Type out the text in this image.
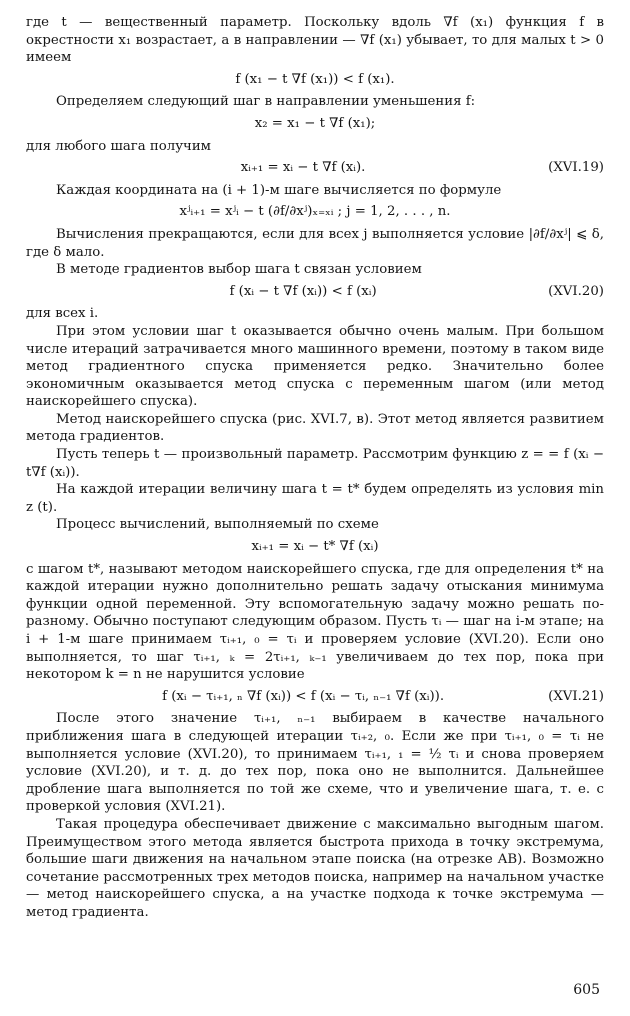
где t — вещественный параметр. Поскольку вдоль ∇f (x₁) функция f в окрестности x₁ возрастает, а в направлении — ∇f (x₁) убывает, то для малых t > 0 имеем

f (x₁ − t ∇f (x₁)) < f (x₁).

Определяем следующий шаг в направлении уменьшения f:

x₂ = x₁ − t ∇f (x₁);

для любого шага получим

xᵢ₊₁ = xᵢ − t ∇f (xᵢ).	(XVI.19)

Каждая координата на (i + 1)-м шаге вычисляется по формуле

xʲᵢ₊₁ = xʲᵢ − t (∂f/∂xʲ)ₓ₌ₓᵢ ; j = 1, 2, . . . , n.

Вычисления прекращаются, если для всех j выполняется условие |∂f/∂xʲ| ⩽ δ, где δ мало.

В методе градиентов выбор шага t связан условием

f (xᵢ − t ∇f (xᵢ)) < f (xᵢ)	(XVI.20)

для всех i.

При этом условии шаг t оказывается обычно очень малым. При большом числе итераций затрачивается много машинного времени, поэтому в таком виде метод градиентного спуска применяется редко. Значительно более экономичным оказывается метод спуска с переменным шагом (или метод наискорейшего спуска).

Метод наискорейшего спуска (рис. XVI.7, в). Этот метод является развитием метода градиентов.

Пусть теперь t — произвольный параметр. Рассмотрим функцию z = = f (xᵢ − t∇f (xᵢ)).

На каждой итерации величину шага t = t* будем определять из условия min z (t).

Процесс вычислений, выполняемый по схеме

xᵢ₊₁ = xᵢ − t* ∇f (xᵢ)

с шагом t*, называют методом наискорейшего спуска, где для определения t* на каждой итерации нужно дополнительно решать задачу отыскания минимума функции одной переменной. Эту вспомогательную задачу можно решать по-разному. Обычно поступают следующим образом. Пусть τᵢ — шаг на i-м этапе; на i + 1-м шаге принимаем τᵢ₊₁, ₀ = τᵢ и проверяем условие (XVI.20). Если оно выполняется, то шаг τᵢ₊₁, ₖ = 2τᵢ₊₁, ₖ₋₁ увеличиваем до тех пор, пока при некотором k = n не нарушится условие

f (xᵢ − τᵢ₊₁, ₙ ∇f (xᵢ)) < f (xᵢ − τᵢ, ₙ₋₁ ∇f (xᵢ)).	(XVI.21)

После этого значение τᵢ₊₁, ₙ₋₁ выбираем в качестве начального приближения шага в следующей итерации τᵢ₊₂, ₀. Если же при τᵢ₊₁, ₀ = τᵢ не выполняется условие (XVI.20), то принимаем τᵢ₊₁, ₁ = ½ τᵢ и снова проверяем условие (XVI.20), и т. д. до тех пор, пока оно не выполнится. Дальнейшее дробление шага выполняется по той же схеме, что и увеличение шага, т. е. с проверкой условия (XVI.21).

Такая процедура обеспечивает движение с максимально выгодным шагом. Преимуществом этого метода является быстрота прихода в точку экстремума, большие шаги движения на начальном этапе поиска (на отрезке AB). Возможно сочетание рассмотренных трех методов поиска, например на начальном участке — метод наискорейшего спуска, а на участке подхода к точке экстремума — метод градиента.

605
